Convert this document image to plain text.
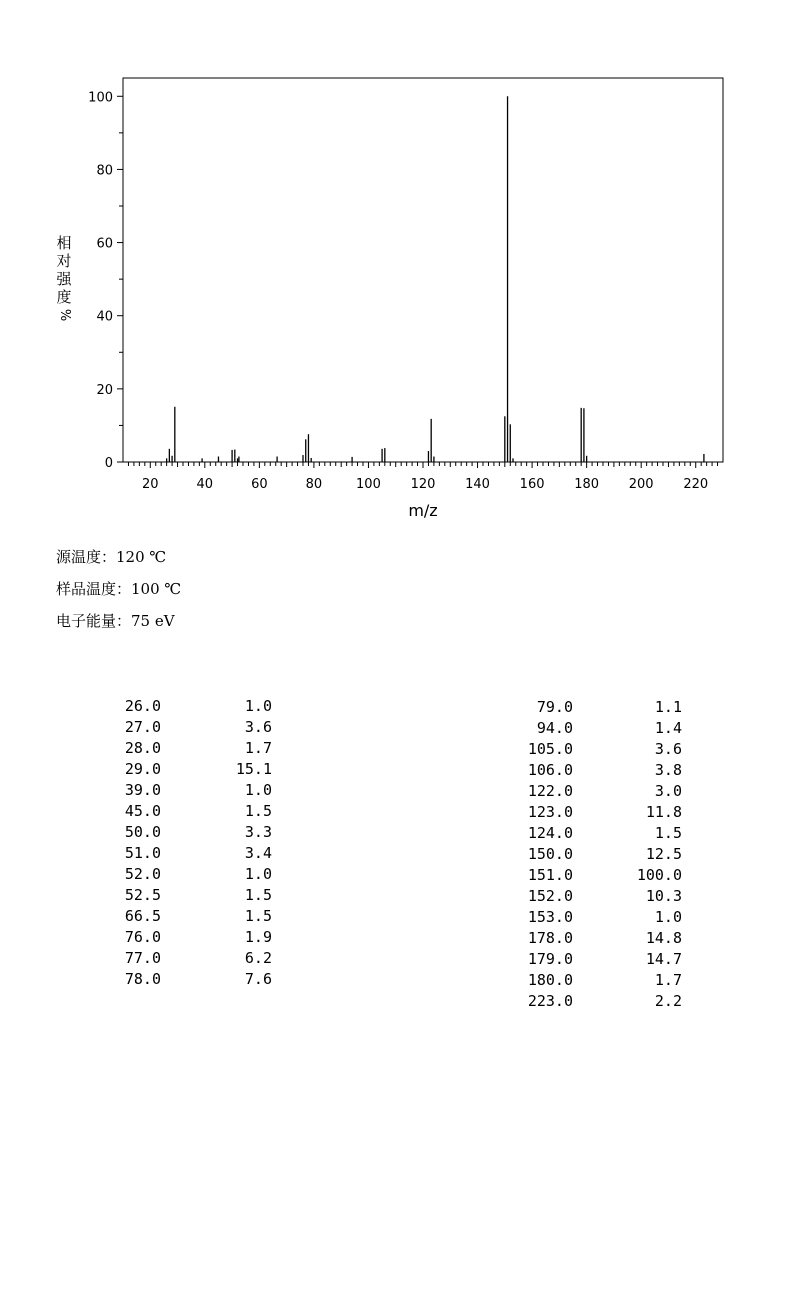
20	40	60	80	100 120 140 160 180 200 220
0
20
40
60
80
100
m/z
相
对
强
度
%
源温度：120 ℃
样品温度：100 ℃
电子能量：75 eV
26.0	1.0
27.0	3.6
28.0	1.7
29.0	15.1
39.0	1.0
45.0	1.5
50.0	3.3
51.0	3.4
52.0	1.0
52.5	1.5
66.5	1.5
76.0	1.9
77.0	6.2
78.0	7.6
79.0	1.1
94.0	1.4
105.0	3.6
106.0	3.8
122.0	3.0
123.0	11.8
124.0	1.5
150.0	12.5
151.0	100.0
152.0	10.3
153.0	1.0
178.0	14.8
179.0	14.7
180.0	1.7
223.0	2.2
